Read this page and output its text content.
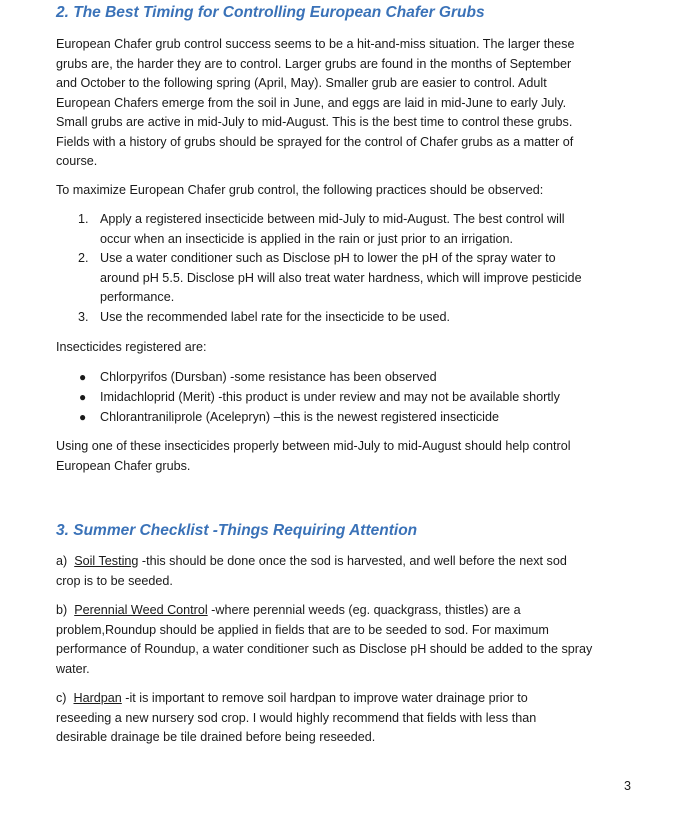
2. The Best Timing for Controlling European Chafer Grubs
European Chafer grub control success seems to be a hit-and-miss situation. The larger these
grubs are, the harder they are to control. Larger grubs are found in the months of September
and October to the following spring (April, May). Smaller grub are easier to control. Adult
European Chafers emerge from the soil in June, and eggs are laid in mid-June to early July.
Small grubs are active in mid-July to mid-August. This is the best time to control these grubs.
Fields with a history of grubs should be sprayed for the control of Chafer grubs as a matter of
course.
To maximize European Chafer grub control, the following practices should be observed:
1. Apply a registered insecticide between mid-July to mid-August. The best control will
occur when an insecticide is applied in the rain or just prior to an irrigation.
2. Use a water conditioner such as Disclose pH to lower the pH of the spray water to
around pH 5.5. Disclose pH will also treat water hardness, which will improve pesticide
performance.
3. Use the recommended label rate for the insecticide to be used.
Insecticides registered are:
● Chlorpyrifos (Dursban) -some resistance has been observed
● Imidachloprid (Merit) -this product is under review and may not be available shortly
● Chlorantraniliprole (Acelepryn) –this is the newest registered insecticide
Using one of these insecticides properly between mid-July to mid-August should help control
European Chafer grubs.
3. Summer Checklist -Things Requiring Attention
a) Soil Testing -this should be done once the sod is harvested, and well before the next sod
crop is to be seeded.
b) Perennial Weed Control -where perennial weeds (eg. quackgrass, thistles) are a
problem,Roundup should be applied in fields that are to be seeded to sod. For maximum
performance of Roundup, a water conditioner such as Disclose pH should be added to the spray
water.
c) Hardpan -it is important to remove soil hardpan to improve water drainage prior to
reseeding a new nursery sod crop. I would highly recommend that fields with less than
desirable drainage be tile drained before being reseeded.
3
